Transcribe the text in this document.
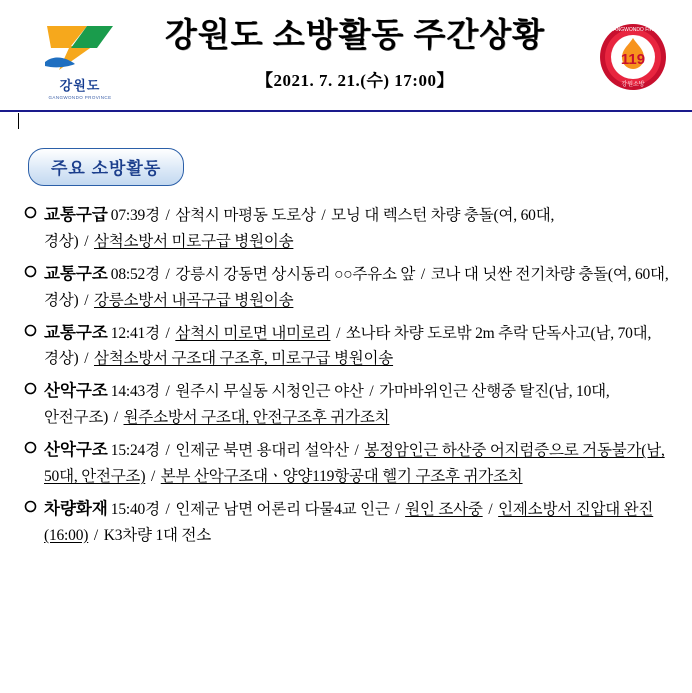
강원도
GANGWONDO PROVINCE
강원도 소방활동 주간상황
【2021. 7. 21.(수) 17:00】
119
GANGWONDO FIRE
강원소방
주요 소방활동
교통구급 07:39경 / 삼척시 마평동 도로상 / 모닝 대 렉스턴 차량 충돌(여, 60대, 경상) / 삼척소방서 미로구급 병원이송
교통구조 08:52경 / 강릉시 강동면 상시동리 ○○주유소 앞 / 코나 대 닛싼 전기차량 충돌(여, 60대, 경상) / 강릉소방서 내곡구급 병원이송
교통구조 12:41경 / 삼척시 미로면 내미로리 / 쏘나타 차량 도로밖 2m 추락 단독사고(남, 70대, 경상) / 삼척소방서 구조대 구조후, 미로구급 병원이송
산악구조 14:43경 / 원주시 무실동 시청인근 야산 / 가마바위인근 산행중 탈진(남, 10대, 안전구조) / 원주소방서 구조대, 안전구조후 귀가조치
산악구조 15:24경 / 인제군 북면 용대리 설악산 / 봉정암인근 하산중 어지럼증으로 거동불가(남, 50대, 안전구조) / 본부 산악구조대ㆍ양양119항공대 헬기 구조후 귀가조치
차량화재 15:40경 / 인제군 남면 어론리 다물4교 인근 / 원인 조사중 / 인제소방서 진압대 완진(16:00) / K3차량 1대 전소
